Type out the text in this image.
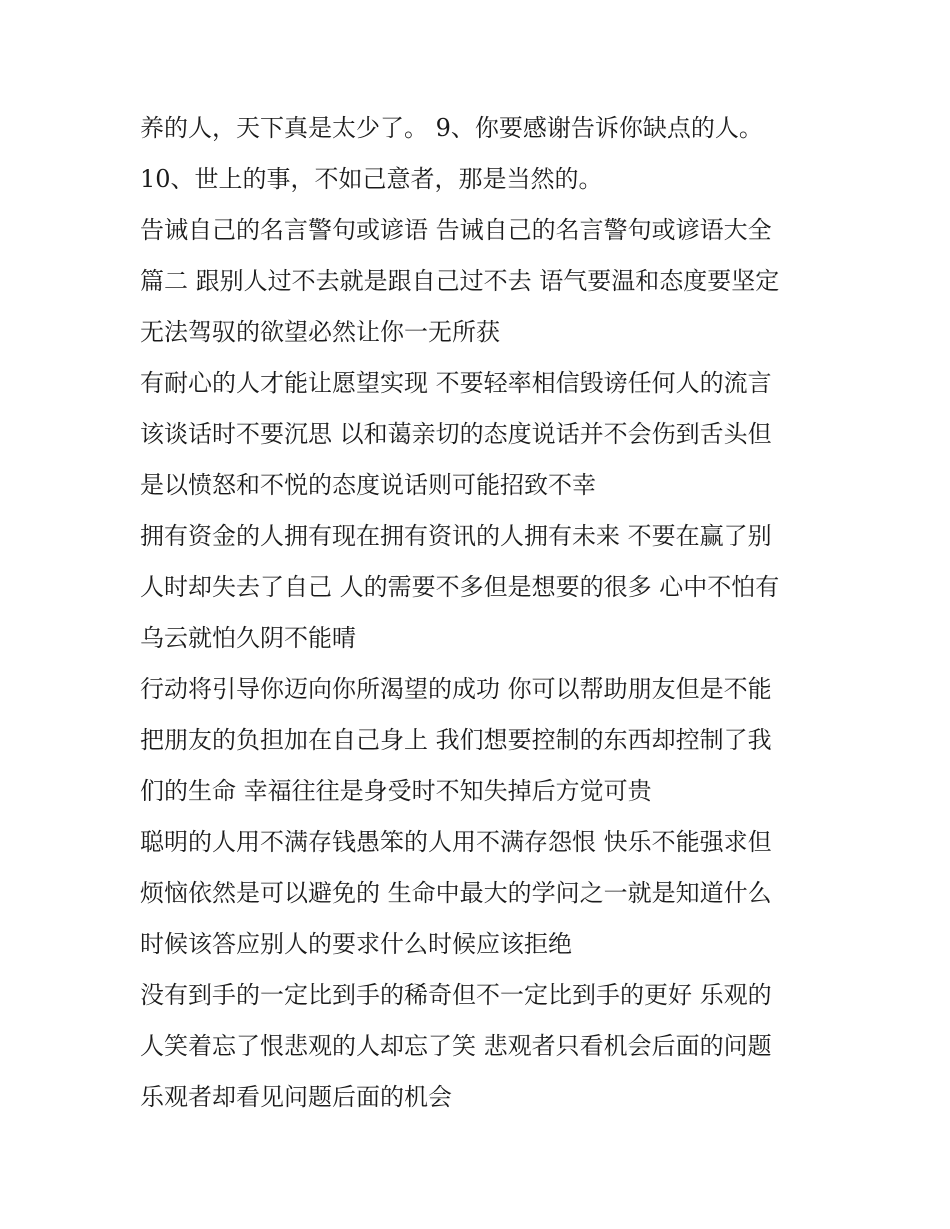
养的人，天下真是太少了。 9、你要感谢告诉你缺点的人。
10、世上的事，不如己意者，那是当然的。
告诫自己的名言警句或谚语 告诫自己的名言警句或谚语大全
篇二 跟别人过不去就是跟自己过不去 语气要温和态度要坚定
无法驾驭的欲望必然让你一无所获
有耐心的人才能让愿望实现 不要轻率相信毁谤任何人的流言
该谈话时不要沉思 以和蔼亲切的态度说话并不会伤到舌头但
是以愤怒和不悦的态度说话则可能招致不幸
拥有资金的人拥有现在拥有资讯的人拥有未来 不要在赢了别
人时却失去了自己 人的需要不多但是想要的很多 心中不怕有
乌云就怕久阴不能晴
行动将引导你迈向你所渴望的成功 你可以帮助朋友但是不能
把朋友的负担加在自己身上 我们想要控制的东西却控制了我
们的生命 幸福往往是身受时不知失掉后方觉可贵
聪明的人用不满存钱愚笨的人用不满存怨恨 快乐不能强求但
烦恼依然是可以避免的 生命中最大的学问之一就是知道什么
时候该答应别人的要求什么时候应该拒绝
没有到手的一定比到手的稀奇但不一定比到手的更好 乐观的
人笑着忘了恨悲观的人却忘了笑 悲观者只看机会后面的问题
乐观者却看见问题后面的机会
